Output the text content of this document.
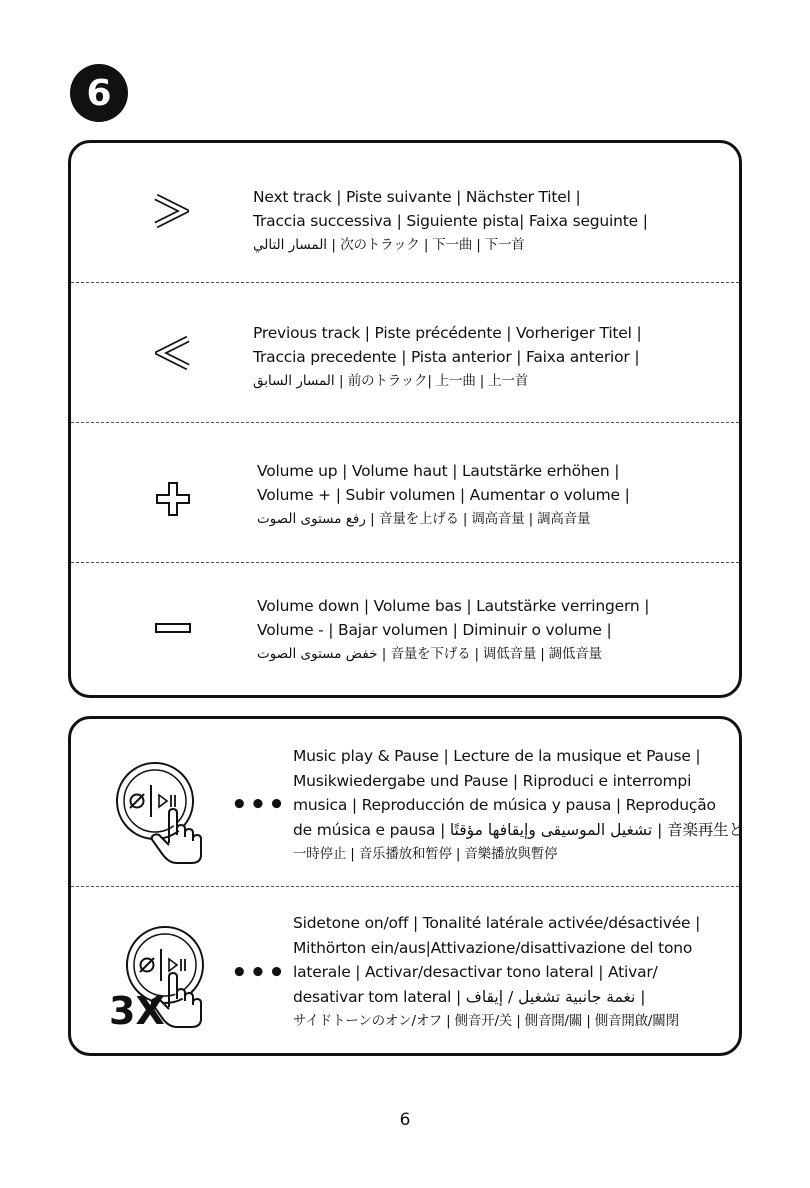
6
Next track | Piste suivante | Nächster Titel |
Traccia successiva | Siguiente pista| Faixa seguinte |
المسار التالي | 次のトラック | 下一曲 | 下一首
Previous track | Piste précédente | Vorheriger Titel |
Traccia precedente | Pista anterior | Faixa anterior |
المسار السابق | 前のトラック| 上一曲 | 上一首
Volume up | Volume haut | Lautstärke erhöhen |
Volume + | Subir volumen | Aumentar o volume |
رفع مستوى الصوت | 音量を上げる | 调高音量 | 調高音量
Volume down | Volume bas | Lautstärke verringern |
Volume - | Bajar volumen | Diminuir o volume |
خفض مستوى الصوت | 音量を下げる | 调低音量 | 調低音量
•••
Music play & Pause | Lecture de la musique et Pause |
Musikwiedergabe und Pause | Riproduci e interrompi
musica | Reproducción de música y pausa | Reprodução
de música e pausa | تشغيل الموسيقى وإيقافها مؤقتًا | 音楽再生と
一時停止 | 音乐播放和暂停 | 音樂播放與暫停
3X
•••
Sidetone on/off | Tonalité latérale activée/désactivée |
Mithörton ein/aus|Attivazione/disattivazione del tono
laterale | Activar/desactivar tono lateral | Ativar/
desativar tom lateral | نغمة جانبية تشغيل / إيقاف |
サイドトーンのオン/オフ | 侧音开/关 | 側音開/關 | 側音開啟/關閉
6
